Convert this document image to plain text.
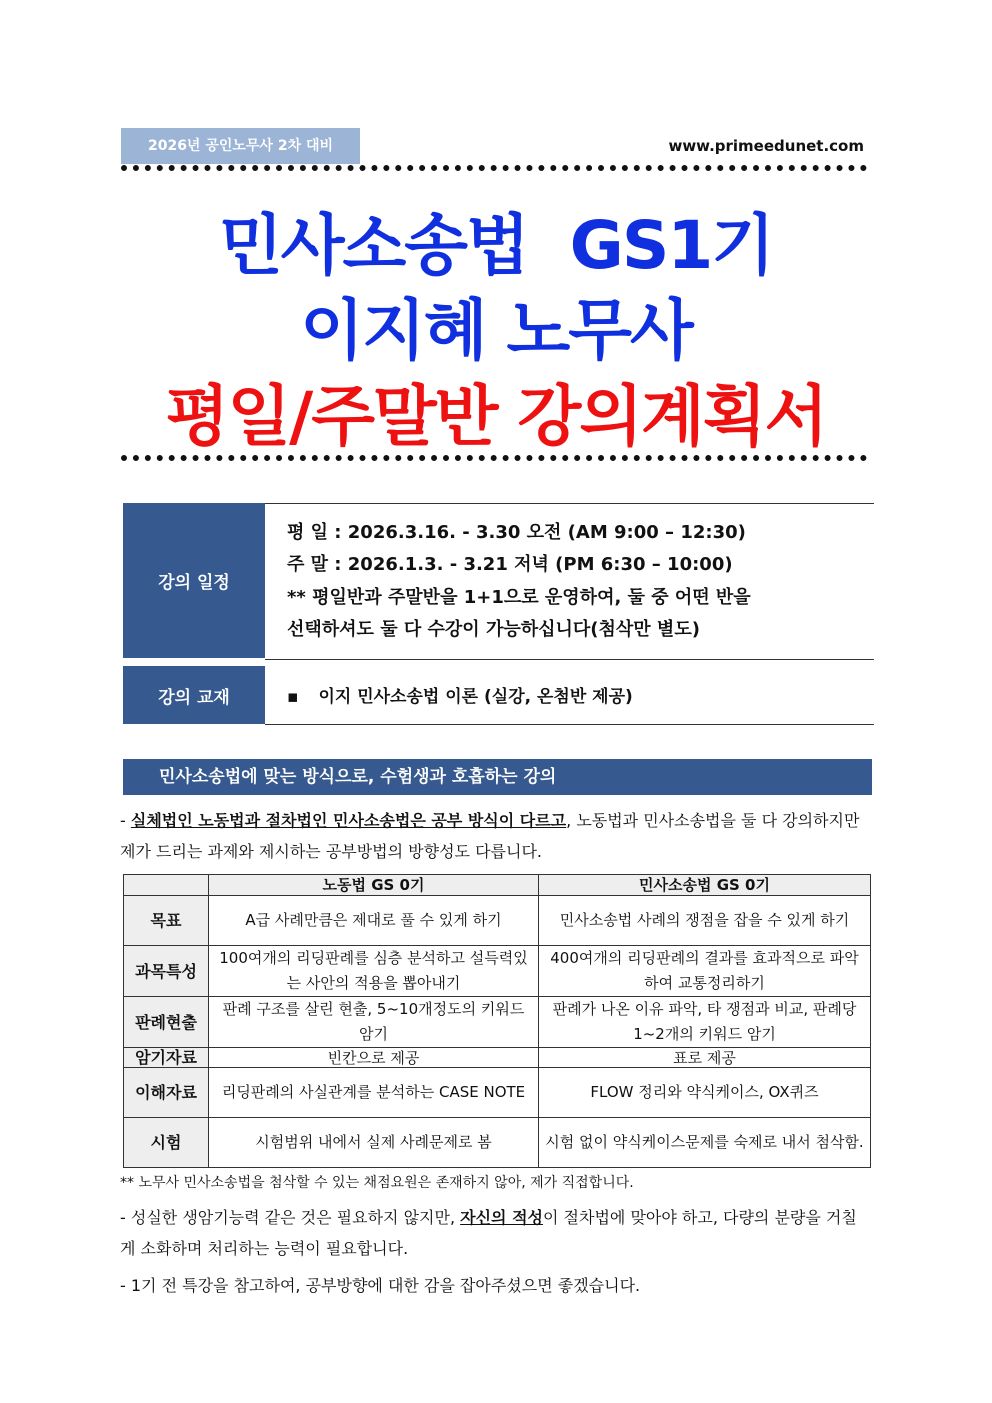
2026년 공인노무사 2차 대비	www.primeedunet.com
민사소송법  GS1기
이지혜 노무사
평일/주말반 강의계획서
강의 일정
평 일 : 2026.3.16. - 3.30 오전 (AM 9:00 – 12:30)
주 말 : 2026.1.3. - 3.21 저녁 (PM 6:30 – 10:00)
** 평일반과 주말반을 1+1으로 운영하여, 둘 중 어떤 반을
선택하셔도 둘 다 수강이 가능하십니다(첨삭만 별도)
강의 교재	▪ 이지 민사소송법 이론 (실강, 온첨반 제공)
민사소송법에 맞는 방식으로, 수험생과 호흡하는 강의
- 실체법인 노동법과 절차법인 민사소송법은 공부 방식이 다르고, 노동법과 민사소송법을 둘 다 강의하지만 제가 드리는 과제와 제시하는 공부방법의 방향성도 다릅니다.
	노동법 GS 0기	민사소송법 GS 0기
목표	A급 사례만큼은 제대로 풀 수 있게 하기	민사소송법 사례의 쟁점을 잡을 수 있게 하기
과목특성	100여개의 리딩판례를 심층 분석하고 설득력있는 사안의 적용을 뽑아내기	400여개의 리딩판례의 결과를 효과적으로 파악하여 교통정리하기
판례현출	판례 구조를 살린 현출, 5~10개정도의 키워드 암기	판례가 나온 이유 파악, 타 쟁점과 비교, 판례당 1~2개의 키워드 암기
암기자료	빈칸으로 제공	표로 제공
이해자료	리딩판례의 사실관계를 분석하는 CASE NOTE	FLOW 정리와 약식케이스, OX퀴즈
시험	시험범위 내에서 실제 사례문제로 봄	시험 없이 약식케이스문제를 숙제로 내서 첨삭함.
** 노무사 민사소송법을 첨삭할 수 있는 채점요원은 존재하지 않아, 제가 직접합니다.
- 성실한 생암기능력 같은 것은 필요하지 않지만, 자신의 적성이 절차법에 맞아야 하고, 다량의 분량을 거칠게 소화하며 처리하는 능력이 필요합니다.
- 1기 전 특강을 참고하여, 공부방향에 대한 감을 잡아주셨으면 좋겠습니다.
